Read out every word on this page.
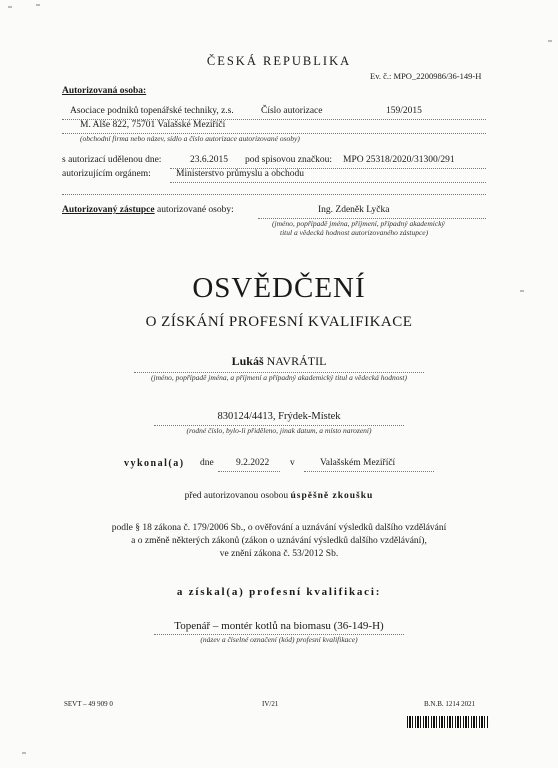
ČESKÁ REPUBLIKA
Ev. č.: MPO_2200986/36-149-H
Autorizovaná osoba:
Asociace podniků topenářské techniky, z.s.	Číslo autorizace	159/2015
M. Alše 822, 75701 Valašské Meziříčí
(obchodní firma nebo název, sídlo a číslo autorizace autorizované osoby)
s autorizací udělenou dne:	23.6.2015 pod spisovou značkou: MPO 25318/2020/31300/291
autorizujícím orgánem:	Ministerstvo průmyslu a obchodu
Autorizovaný zástupce autorizované osoby:	Ing. Zdeněk Lyčka
(jméno, popřípadě jména, příjmení, případný akademický
titul a vědecká hodnost autorizovaného zástupce)
OSVĚDČENÍ
O ZÍSKÁNÍ PROFESNÍ KVALIFIKACE
Lukáš NAVRÁTIL
(jméno, popřípadě jména, a příjmení a případný akademický titul a vědecká hodnost)
830124/4413, Frýdek-Místek
(rodné číslo, bylo-li přiděleno, jinak datum, a místo narození)
vykonal(a) dne 9.2.2022 v	Valašském Meziříčí
před autorizovanou osobou úspěšně zkoušku
podle § 18 zákona č. 179/2006 Sb., o ověřování a uznávání výsledků dalšího vzdělávání
a o změně některých zákonů (zákon o uznávání výsledků dalšího vzdělávání),
ve znění zákona č. 53/2012 Sb.
a získal(a) profesní kvalifikaci:
Topenář – montér kotlů na biomasu (36-149-H)
(název a číselné označení (kód) profesní kvalifikace)
SEVT – 49 909 0	IV/21	B.N.B. 1214 2021
